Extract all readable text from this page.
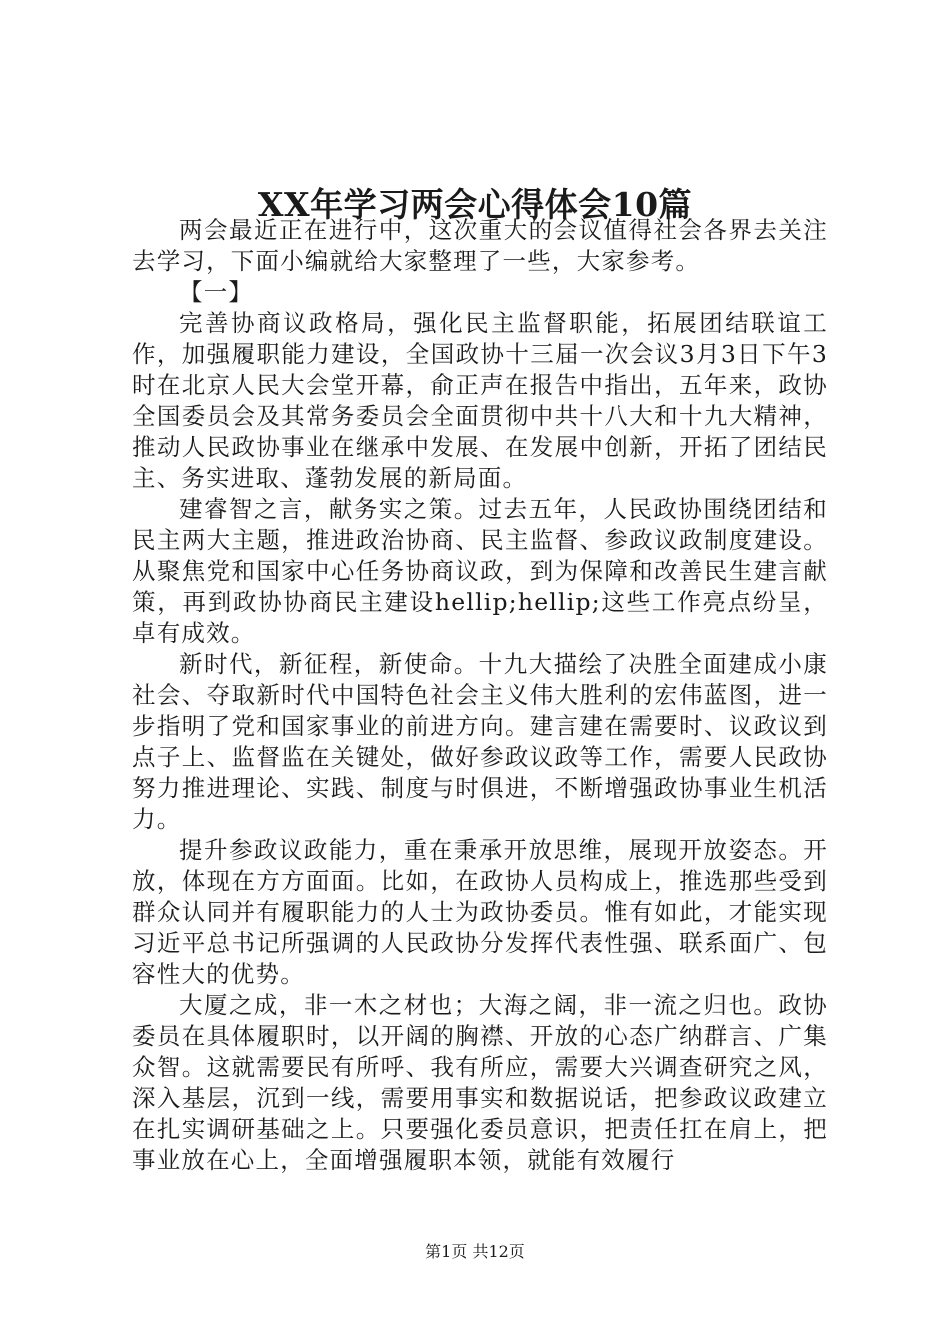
XX年学习两会心得体会10篇

两会最近正在进行中，这次重大的会议值得社会各界去关注去学习，下面小编就给大家整理了一些，大家参考。

【一】

完善协商议政格局，强化民主监督职能，拓展团结联谊工作，加强履职能力建设，全国政协十三届一次会议3月3日下午3时在北京人民大会堂开幕，俞正声在报告中指出，五年来，政协全国委员会及其常务委员会全面贯彻中共十八大和十九大精神，推动人民政协事业在继承中发展、在发展中创新，开拓了团结民主、务实进取、蓬勃发展的新局面。

建睿智之言，献务实之策。过去五年，人民政协围绕团结和民主两大主题，推进政治协商、民主监督、参政议政制度建设。从聚焦党和国家中心任务协商议政，到为保障和改善民生建言献策，再到政协协商民主建设hellip;hellip;这些工作亮点纷呈，卓有成效。

新时代，新征程，新使命。十九大描绘了决胜全面建成小康社会、夺取新时代中国特色社会主义伟大胜利的宏伟蓝图，进一步指明了党和国家事业的前进方向。建言建在需要时、议政议到点子上、监督监在关键处，做好参政议政等工作，需要人民政协努力推进理论、实践、制度与时俱进，不断增强政协事业生机活力。

提升参政议政能力，重在秉承开放思维，展现开放姿态。开放，体现在方方面面。比如，在政协人员构成上，推选那些受到群众认同并有履职能力的人士为政协委员。惟有如此，才能实现习近平总书记所强调的人民政协分发挥代表性强、联系面广、包容性大的优势。

大厦之成，非一木之材也；大海之阔，非一流之归也。政协委员在具体履职时，以开阔的胸襟、开放的心态广纳群言、广集众智。这就需要民有所呼、我有所应，需要大兴调查研究之风，深入基层，沉到一线，需要用事实和数据说话，把参政议政建立在扎实调研基础之上。只要强化委员意识，把责任扛在肩上，把事业放在心上，全面增强履职本领，就能有效履行

第1页 共12页
